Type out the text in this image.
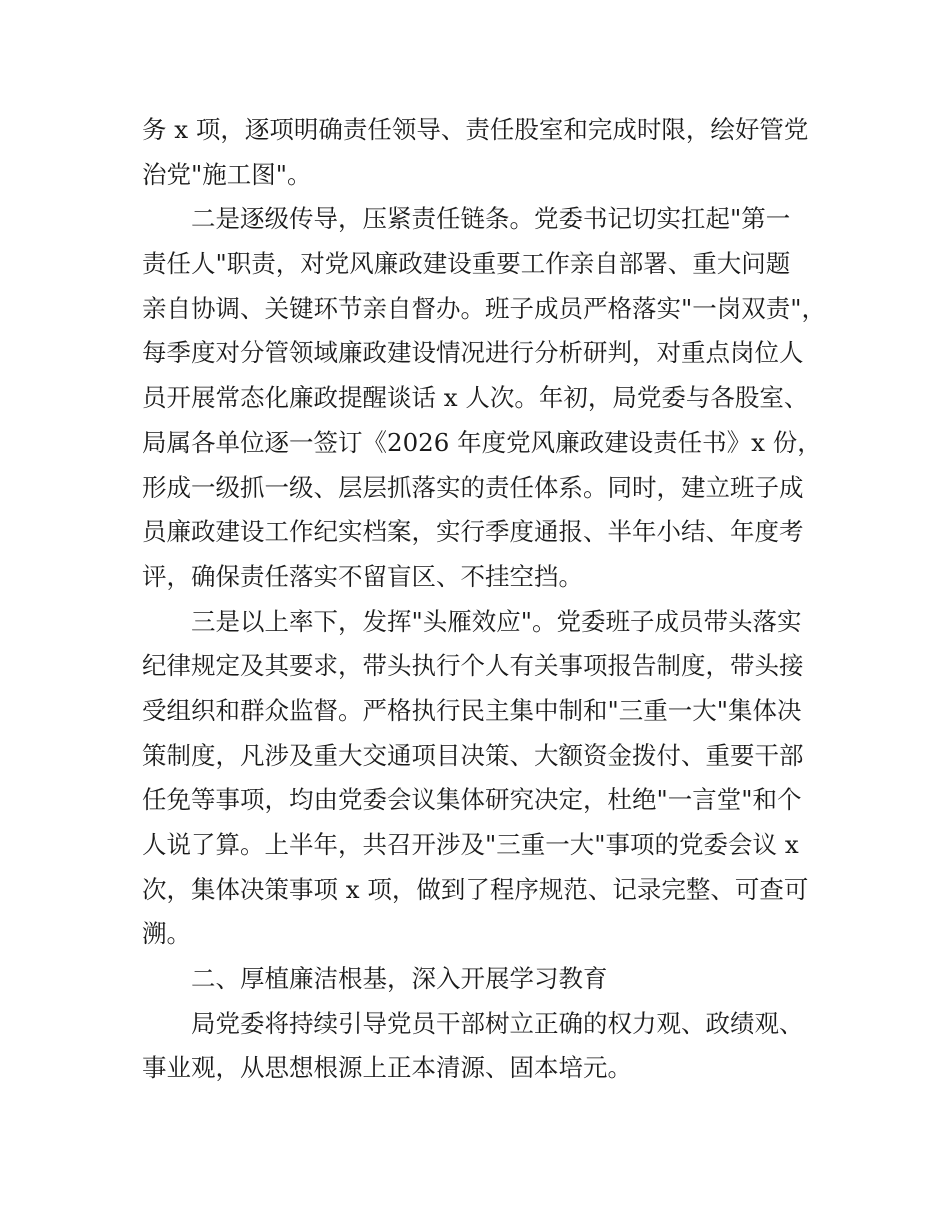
务 x 项，逐项明确责任领导、责任股室和完成时限，绘好管党
治党"施工图"。

二是逐级传导，压紧责任链条。党委书记切实扛起"第一
责任人"职责，对党风廉政建设重要工作亲自部署、重大问题
亲自协调、关键环节亲自督办。班子成员严格落实"一岗双责"，
每季度对分管领域廉政建设情况进行分析研判，对重点岗位人
员开展常态化廉政提醒谈话 x 人次。年初，局党委与各股室、
局属各单位逐一签订《2026 年度党风廉政建设责任书》x 份，
形成一级抓一级、层层抓落实的责任体系。同时，建立班子成
员廉政建设工作纪实档案，实行季度通报、半年小结、年度考
评，确保责任落实不留盲区、不挂空挡。

三是以上率下，发挥"头雁效应"。党委班子成员带头落实
纪律规定及其要求，带头执行个人有关事项报告制度，带头接
受组织和群众监督。严格执行民主集中制和"三重一大"集体决
策制度，凡涉及重大交通项目决策、大额资金拨付、重要干部
任免等事项，均由党委会议集体研究决定，杜绝"一言堂"和个
人说了算。上半年，共召开涉及"三重一大"事项的党委会议 x
次，集体决策事项 x 项，做到了程序规范、记录完整、可查可
溯。

二、厚植廉洁根基，深入开展学习教育

局党委将持续引导党员干部树立正确的权力观、政绩观、
事业观，从思想根源上正本清源、固本培元。
